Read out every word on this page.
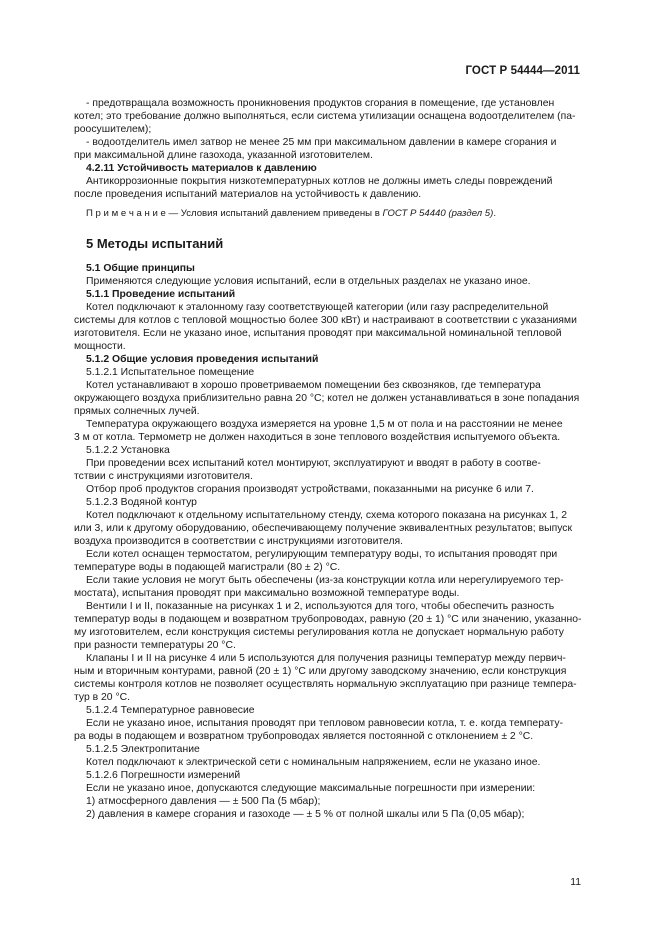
ГОСТ Р 54444—2011
- предотвращала возможность проникновения продуктов сгорания в помещение, где установлен
котел; это требование должно выполняться, если система утилизации оснащена водоотделителем (па-
роосушителем);
- водоотделитель имел затвор не менее 25 мм при максимальном давлении в камере сгорания и
при максимальной длине газохода, указанной изготовителем.
4.2.11 Устойчивость материалов к давлению
Антикоррозионные покрытия низкотемпературных котлов не должны иметь следы повреждений
после проведения испытаний материалов на устойчивость к давлению.
П р и м е ч а н и е — Условия испытаний давлением приведены в ГОСТ Р 54440 (раздел 5).
5 Методы испытаний
5.1 Общие принципы
Применяются следующие условия испытаний, если в отдельных разделах не указано иное.
5.1.1 Проведение испытаний
Котел подключают к эталонному газу соответствующей категории (или газу распределительной
системы для котлов с тепловой мощностью более 300 кВт) и настраивают в соответствии с указаниями
изготовителя. Если не указано иное, испытания проводят при максимальной номинальной тепловой
мощности.
5.1.2 Общие условия проведения испытаний
5.1.2.1 Испытательное помещение
Котел устанавливают в хорошо проветриваемом помещении без сквозняков, где температура
окружающего воздуха приблизительно равна 20 °С; котел не должен устанавливаться в зоне попадания
прямых солнечных лучей.
Температура окружающего воздуха измеряется на уровне 1,5 м от пола и на расстоянии не менее
3 м от котла. Термометр не должен находиться в зоне теплового воздействия испытуемого объекта.
5.1.2.2 Установка
При проведении всех испытаний котел монтируют, эксплуатируют и вводят в работу в соотве-
тствии с инструкциями изготовителя.
Отбор проб продуктов сгорания производят устройствами, показанными на рисунке 6 или 7.
5.1.2.3 Водяной контур
Котел подключают к отдельному испытательному стенду, схема которого показана на рисунках 1, 2
или 3, или к другому оборудованию, обеспечивающему получение эквивалентных результатов; выпуск
воздуха производится в соответствии с инструкциями изготовителя.
Если котел оснащен термостатом, регулирующим температуру воды, то испытания проводят при
температуре воды в подающей магистрали (80 ± 2) °С.
Если такие условия не могут быть обеспечены (из-за конструкции котла или нерегулируемого тер-
мостата), испытания проводят при максимально возможной температуре воды.
Вентили I и II, показанные на рисунках 1 и 2, используются для того, чтобы обеспечить разность
температур воды в подающем и возвратном трубопроводах, равную (20 ± 1) °С или значению, указанно-
му изготовителем, если конструкция системы регулирования котла не допускает нормальную работу
при разности температуры 20 °С.
Клапаны I и II на рисунке 4 или 5 используются для получения разницы температур между первич-
ным и вторичным контурами, равной (20 ± 1) °С или другому заводскому значению, если конструкция
системы контроля котлов не позволяет осуществлять нормальную эксплуатацию при разнице темпера-
тур в 20 °С.
5.1.2.4 Температурное равновесие
Если не указано иное, испытания проводят при тепловом равновесии котла, т. е. когда температу-
ра воды в подающем и возвратном трубопроводах является постоянной с отклонением ± 2 °С.
5.1.2.5 Электропитание
Котел подключают к электрической сети с номинальным напряжением, если не указано иное.
5.1.2.6 Погрешности измерений
Если не указано иное, допускаются следующие максимальные погрешности при измерении:
1) атмосферного давления — ± 500 Па (5 мбар);
2) давления в камере сгорания и газоходе — ± 5 % от полной шкалы или 5 Па (0,05 мбар);
11
